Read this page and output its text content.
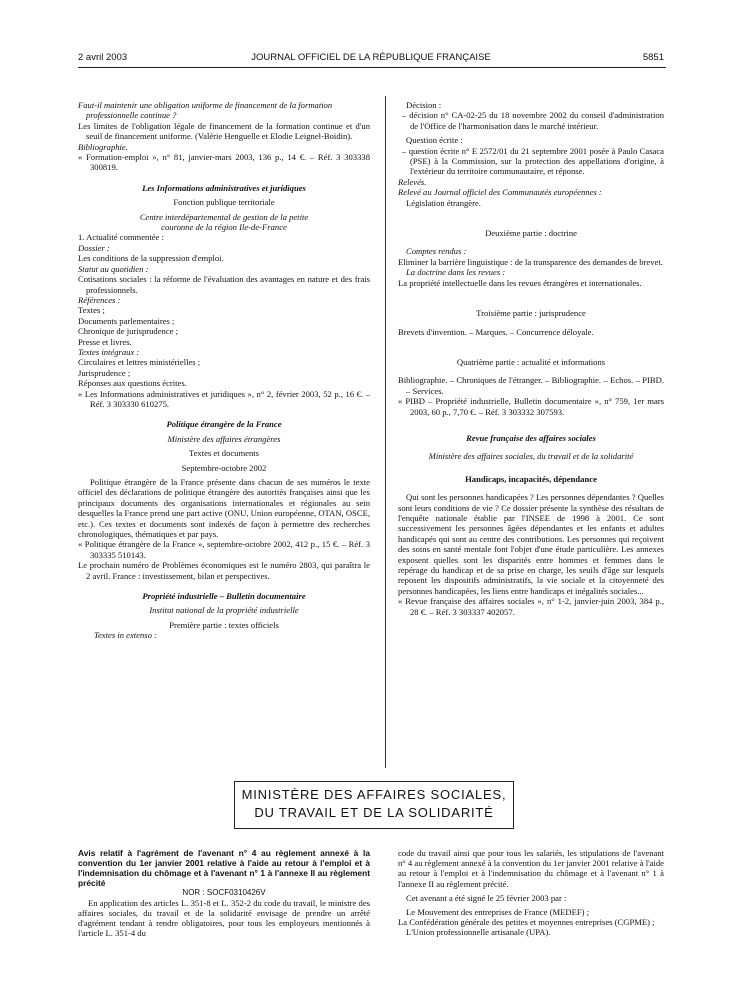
2 avril 2003	JOURNAL OFFICIEL DE LA RÉPUBLIQUE FRANÇAISE	5851

Faut-il maintenir une obligation uniforme de financement de la formation professionnelle continue ?

Les limites de l'obligation légale de financement de la formation continue et d'un seuil de financement uniforme. (Valérie Henguelle et Elodie Leignel-Boidin).

Bibliographie.

« Formation-emploi », n° 81, janvier-mars 2003, 136 p., 14 €. – Réf. 3 303338 300819.

Les Informations administratives et juridiques

Fonction publique territoriale

Centre interdépartemental de gestion de la petite couronne de la région Ile-de-France

1. Actualité commentée :

Dossier :

Les conditions de la suppression d'emploi.

Statut au quotidien :

Cotisations sociales : la réforme de l'évaluation des avantages en nature et des frais professionnels.

Références :

Textes ;

Documents parlementaires ;

Chronique de jurisprudence ;

Presse et livres.

Textes intégraux :

Circulaires et lettres ministérielles ;

Jurisprudence ;

Réponses aux questions écrites.

« Les Informations administratives et juridiques », n° 2, février 2003, 52 p., 16 €. – Réf. 3 303330 610275.

Politique étrangère de la France

Ministère des affaires étrangères

Textes et documents

Septembre-octobre 2002

Politique étrangère de la France présente dans chacun de ses numéros le texte officiel des déclarations de politique étrangère des autorités françaises ainsi que les principaux documents des organisations internationales et régionales au sein desquelles la France prend une part active (ONU, Union européenne, OTAN, OSCE, etc.). Ces textes et documents sont indexés de façon à permettre des recherches chronologiques, thématiques et par pays.

« Politique étrangère de la France », septembre-octobre 2002, 412 p., 15 €. – Réf. 3 303335 510143.

Le prochain numéro de Problèmes économiques est le numéro 2803, qui paraîtra le 2 avril. France : investissement, bilan et perspectives.

Propriété industrielle – Bulletin documentaire

Institut national de la propriété industrielle

Première partie : textes officiels

Textes in extenso :

Décision :

– décision n° CA-02-25 du 18 novembre 2002 du conseil d'administration de l'Office de l'harmonisation dans le marché intérieur.

Question écrite :

– question écrite n° E 2572/01 du 21 septembre 2001 posée à Paulo Casaca (PSE) à la Commission, sur la protection des appellations d'origine, à l'extérieur du territoire communautaire, et réponse.

Relevés.

Relevé au Journal officiel des Communautés européennes :

Législation étrangère.

Deuxième partie : doctrine

Comptes rendus :

Eliminer la barrière linguistique : de la transparence des demandes de brevet.

La doctrine dans les revues :

La propriété intellectuelle dans les revues étrangères et internationales.

Troisième partie : jurisprudence

Brevets d'invention. – Marques. – Concurrence déloyale.

Quatrième partie : actualité et informations

Bibliographie. – Chroniques de l'étranger. – Bibliographie. – Echos. – PIBD. – Services.

« PIBD – Propriété industrielle, Bulletin documentaire », n° 759, 1er mars 2003, 60 p., 7,70 €. – Réf. 3 303332 307593.

Revue française des affaires sociales

Ministère des affaires sociales, du travail et de la solidarité

Handicaps, incapacités, dépendance

Qui sont les personnes handicapées ? Les personnes dépendantes ? Quelles sont leurs conditions de vie ? Ce dossier présente la synthèse des résultats de l'enquête nationale établie par l'INSEE de 1998 à 2001. Ce sont successivement les personnes âgées dépendantes et les enfants et adultes handicapés qui sont au centre des contributions. Les personnes qui reçoivent des soins en santé mentale font l'objet d'une étude particulière. Les annexes exposent quelles sont les disparités entre hommes et femmes dans le repérage du handicap et de sa prise en charge, les seuils d'âge sur lesquels reposent les dispositifs administratifs, la vie sociale et la citoyenneté des personnes handicapées, les liens entre handicaps et inégalités sociales...

« Revue française des affaires sociales », n° 1-2, janvier-juin 2003, 384 p., 28 €. – Réf. 3 303337 402057.

MINISTÈRE DES AFFAIRES SOCIALES,
DU TRAVAIL ET DE LA SOLIDARITÉ

Avis relatif à l'agrément de l'avenant n° 4 au règlement annexé à la convention du 1er janvier 2001 relative à l'aide au retour à l'emploi et à l'indemnisation du chômage et à l'avenant n° 1 à l'annexe II au règlement précité

NOR : SOCF0310426V

En application des articles L. 351-8 et L. 352-2 du code du travail, le ministre des affaires sociales, du travail et de la solidarité envisage de prendre un arrêté d'agrément tendant à rendre obligatoires, pour tous les employeurs mentionnés à l'article L. 351-4 du

code du travail ainsi que pour tous les salariés, les stipulations de l'avenant n° 4 au règlement annexé à la convention du 1er janvier 2001 relative à l'aide au retour à l'emploi et à l'indemnisation du chômage et à l'avenant n° 1 à l'annexe II au règlement précité.

Cet avenant a été signé le 25 février 2003 par :

Le Mouvement des entreprises de France (MEDEF) ;

La Confédération générale des petites et moyennes entreprises (CGPME) ;

L'Union professionnelle artisanale (UPA).
